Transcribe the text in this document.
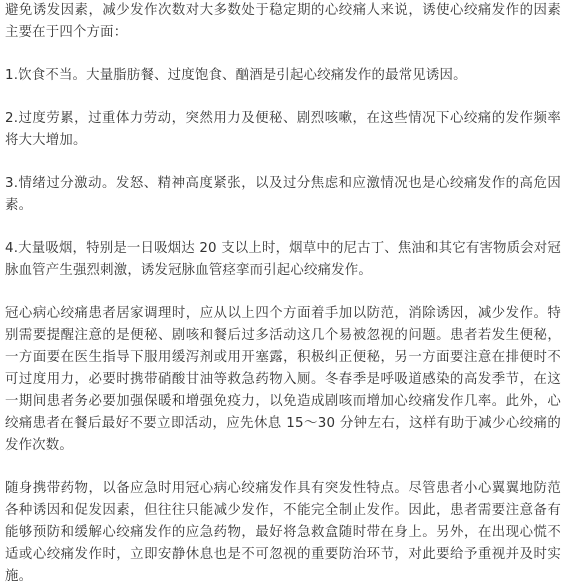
避免诱发因素，减少发作次数对大多数处于稳定期的心绞痛人来说，诱使心绞痛发作的因素主要在于四个方面：

1.饮食不当。大量脂肪餐、过度饱食、酗酒是引起心绞痛发作的最常见诱因。

2.过度劳累，过重体力劳动，突然用力及便秘、剧烈咳嗽，在这些情况下心绞痛的发作频率将大大增加。

3.情绪过分激动。发怒、精神高度紧张，以及过分焦虑和应激情况也是心绞痛发作的高危因素。

4.大量吸烟，特别是一日吸烟达 20 支以上时，烟草中的尼古丁、焦油和其它有害物质会对冠脉血管产生强烈刺激，诱发冠脉血管痉挛而引起心绞痛发作。

冠心病心绞痛患者居家调理时，应从以上四个方面着手加以防范，消除诱因，减少发作。特别需要提醒注意的是便秘、剧咳和餐后过多活动这几个易被忽视的问题。患者若发生便秘，一方面要在医生指导下服用缓泻剂或用开塞露，积极纠正便秘，另一方面要注意在排便时不可过度用力，必要时携带硝酸甘油等救急药物入厕。冬春季是呼吸道感染的高发季节，在这一期间患者务必要加强保暖和增强免疫力，以免造成剧咳而增加心绞痛发作几率。此外，心绞痛患者在餐后最好不要立即活动，应先休息 15～30 分钟左右，这样有助于减少心绞痛的发作次数。

随身携带药物，以备应急时用冠心病心绞痛发作具有突发性特点。尽管患者小心翼翼地防范各种诱因和促发因素，但往往只能减少发作，不能完全制止发作。因此，患者需要注意备有能够预防和缓解心绞痛发作的应急药物，最好将急救盒随时带在身上。另外，在出现心慌不适或心绞痛发作时，立即安静休息也是不可忽视的重要防治环节，对此要给予重视并及时实施。
